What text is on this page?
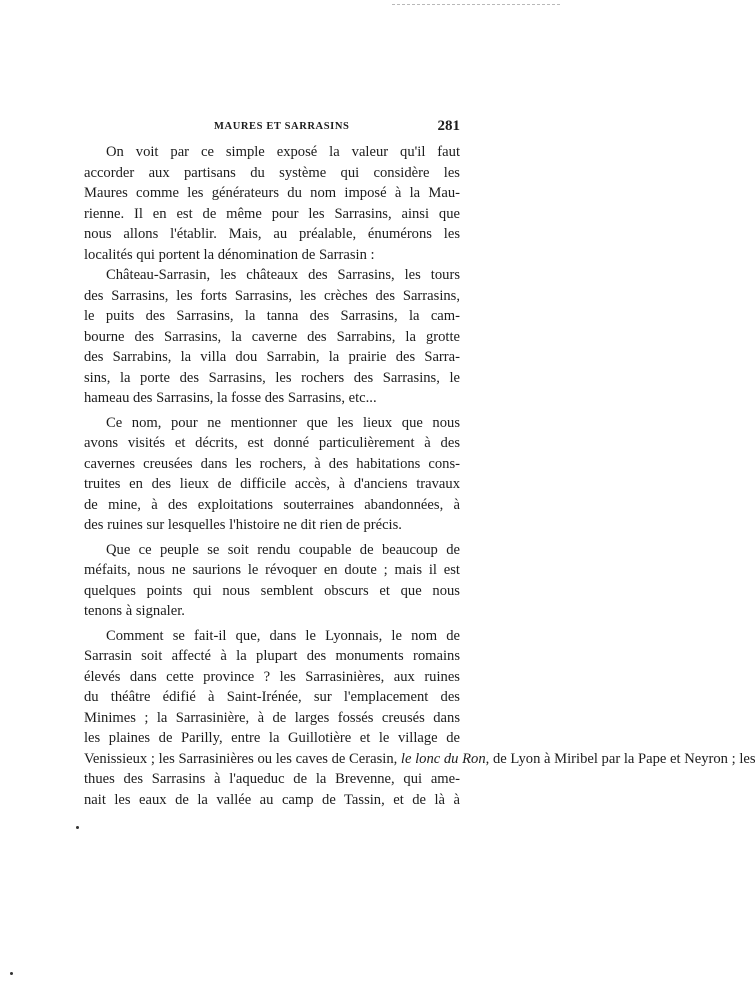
MAURES ET SARRASINS	281
On voit par ce simple exposé la valeur qu'il faut
accorder aux partisans du système qui considère les
Maures comme les générateurs du nom imposé à la Mau-
rienne. Il en est de même pour les Sarrasins, ainsi que
nous allons l'établir. Mais, au préalable, énumérons les
localités qui portent la dénomination de Sarrasin :
Château-Sarrasin, les châteaux des Sarrasins, les tours
des Sarrasins, les forts Sarrasins, les crèches des Sarrasins,
le puits des Sarrasins, la tanna des Sarrasins, la cam-
bourne des Sarrasins, la caverne des Sarrabins, la grotte
des Sarrabins, la villa dou Sarrabin, la prairie des Sarra-
sins, la porte des Sarrasins, les rochers des Sarrasins, le
hameau des Sarrasins, la fosse des Sarrasins, etc...
Ce nom, pour ne mentionner que les lieux que nous
avons visités et décrits, est donné particulièrement à des
cavernes creusées dans les rochers, à des habitations cons-
truites en des lieux de difficile accès, à d'anciens travaux
de mine, à des exploitations souterraines abandonnées, à
des ruines sur lesquelles l'histoire ne dit rien de précis.
Que ce peuple se soit rendu coupable de beaucoup de
méfaits, nous ne saurions le révoquer en doute ; mais il est
quelques points qui nous semblent obscurs et que nous
tenons à signaler.
Comment se fait-il que, dans le Lyonnais, le nom de
Sarrasin soit affecté à la plupart des monuments romains
élevés dans cette province ? les Sarrasinières, aux ruines
du théâtre édifié à Saint-Irénée, sur l'emplacement des
Minimes ; la Sarrasinière, à de larges fossés creusés dans
les plaines de Parilly, entre la Guillotière et le village de
Venissieux ; les Sarrasinières ou les caves de Cerasin, le lonc du Ron, de Lyon à Miribel par la Pape et Neyron ; les
thues des Sarrasins à l'aqueduc de la Brevenne, qui ame-
nait les eaux de la vallée au camp de Tassin, et de là à
